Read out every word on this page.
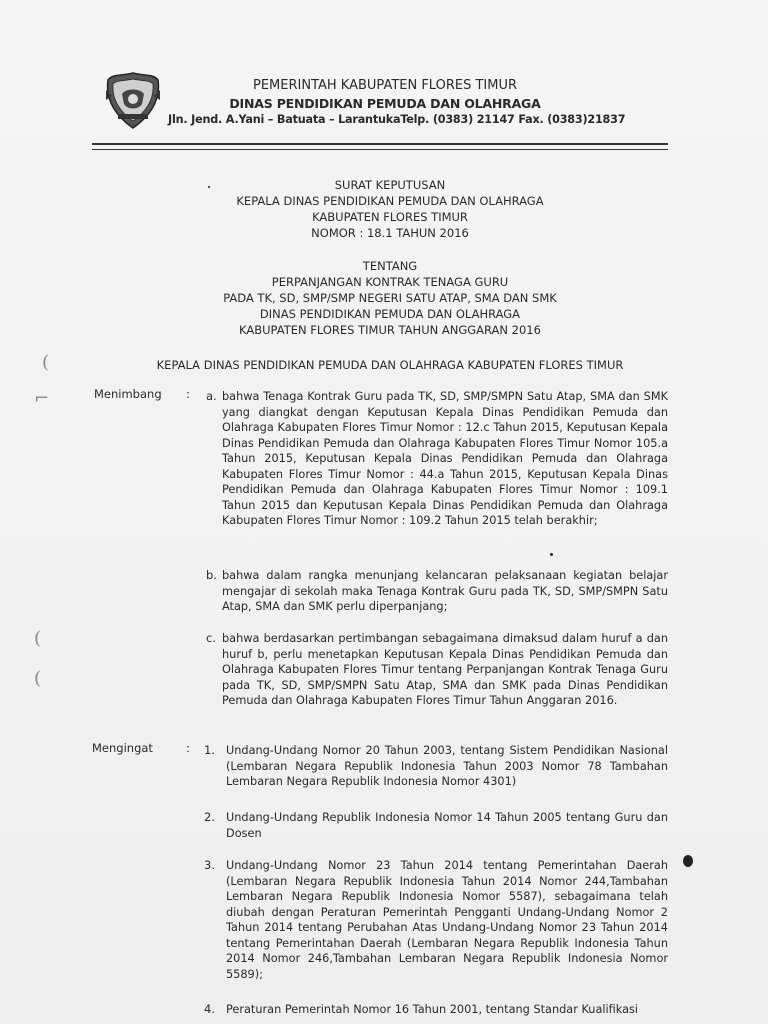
PEMERINTAH KABUPATEN FLORES TIMUR
DINAS PENDIDIKAN PEMUDA DAN OLAHRAGA
Jln. Jend. A.Yani – Batuata – LarantukaTelp. (0383) 21147 Fax. (0383)21837
SURAT KEPUTUSAN
KEPALA DINAS PENDIDIKAN PEMUDA DAN OLAHRAGA
KABUPATEN FLORES TIMUR
NOMOR : 18.1 TAHUN 2016
TENTANG
PERPANJANGAN KONTRAK TENAGA GURU
PADA TK, SD, SMP/SMP NEGERI SATU ATAP, SMA DAN SMK
DINAS PENDIDIKAN PEMUDA DAN OLAHRAGA
KABUPATEN FLORES TIMUR TAHUN ANGGARAN 2016
KEPALA DINAS PENDIDIKAN PEMUDA DAN OLAHRAGA KABUPATEN FLORES TIMUR
Menimbang : a. bahwa Tenaga Kontrak Guru pada TK, SD, SMP/SMPN Satu Atap, SMA dan SMK yang diangkat dengan Keputusan Kepala Dinas Pendidikan Pemuda dan Olahraga Kabupaten Flores Timur Nomor : 12.c Tahun 2015, Keputusan Kepala Dinas Pendidikan Pemuda dan Olahraga Kabupaten Flores Timur Nomor 105.a Tahun 2015, Keputusan Kepala Dinas Pendidikan Pemuda dan Olahraga Kabupaten Flores Timur Nomor : 44.a Tahun 2015, Keputusan Kepala Dinas Pendidikan Pemuda dan Olahraga Kabupaten Flores Timur Nomor : 109.1 Tahun 2015 dan Keputusan Kepala Dinas Pendidikan Pemuda dan Olahraga Kabupaten Flores Timur Nomor : 109.2 Tahun 2015 telah berakhir;
b. bahwa dalam rangka menunjang kelancaran pelaksanaan kegiatan belajar mengajar di sekolah maka Tenaga Kontrak Guru pada TK, SD, SMP/SMPN Satu Atap, SMA dan SMK perlu diperpanjang;
c. bahwa berdasarkan pertimbangan sebagaimana dimaksud dalam huruf a dan huruf b, perlu menetapkan Keputusan Kepala Dinas Pendidikan Pemuda dan Olahraga Kabupaten Flores Timur tentang Perpanjangan Kontrak Tenaga Guru pada TK, SD, SMP/SMPN Satu Atap, SMA dan SMK pada Dinas Pendidikan Pemuda dan Olahraga Kabupaten Flores Timur Tahun Anggaran 2016.
Mengingat	: 1. Undang-Undang Nomor 20 Tahun 2003, tentang Sistem Pendidikan Nasional (Lembaran Negara Republik Indonesia Tahun 2003 Nomor 78 Tambahan Lembaran Negara Republik Indonesia Nomor 4301)
2. Undang-Undang Republik Indonesia Nomor 14 Tahun 2005 tentang Guru dan Dosen
3. Undang-Undang Nomor 23 Tahun 2014 tentang Pemerintahan Daerah (Lembaran Negara Republik Indonesia Tahun 2014 Nomor 244,Tambahan Lembaran Negara Republik Indonesia Nomor 5587), sebagaimana telah diubah dengan Peraturan Pemerintah Pengganti Undang-Undang Nomor 2 Tahun 2014 tentang Perubahan Atas Undang-Undang Nomor 23 Tahun 2014 tentang Pemerintahan Daerah (Lembaran Negara Republik Indonesia Tahun 2014 Nomor 246,Tambahan Lembaran Negara Republik Indonesia Nomor 5589);
4. Peraturan Pemerintah Nomor 16 Tahun 2001, tentang Standar Kualifikasi
(
⌐
(
(
